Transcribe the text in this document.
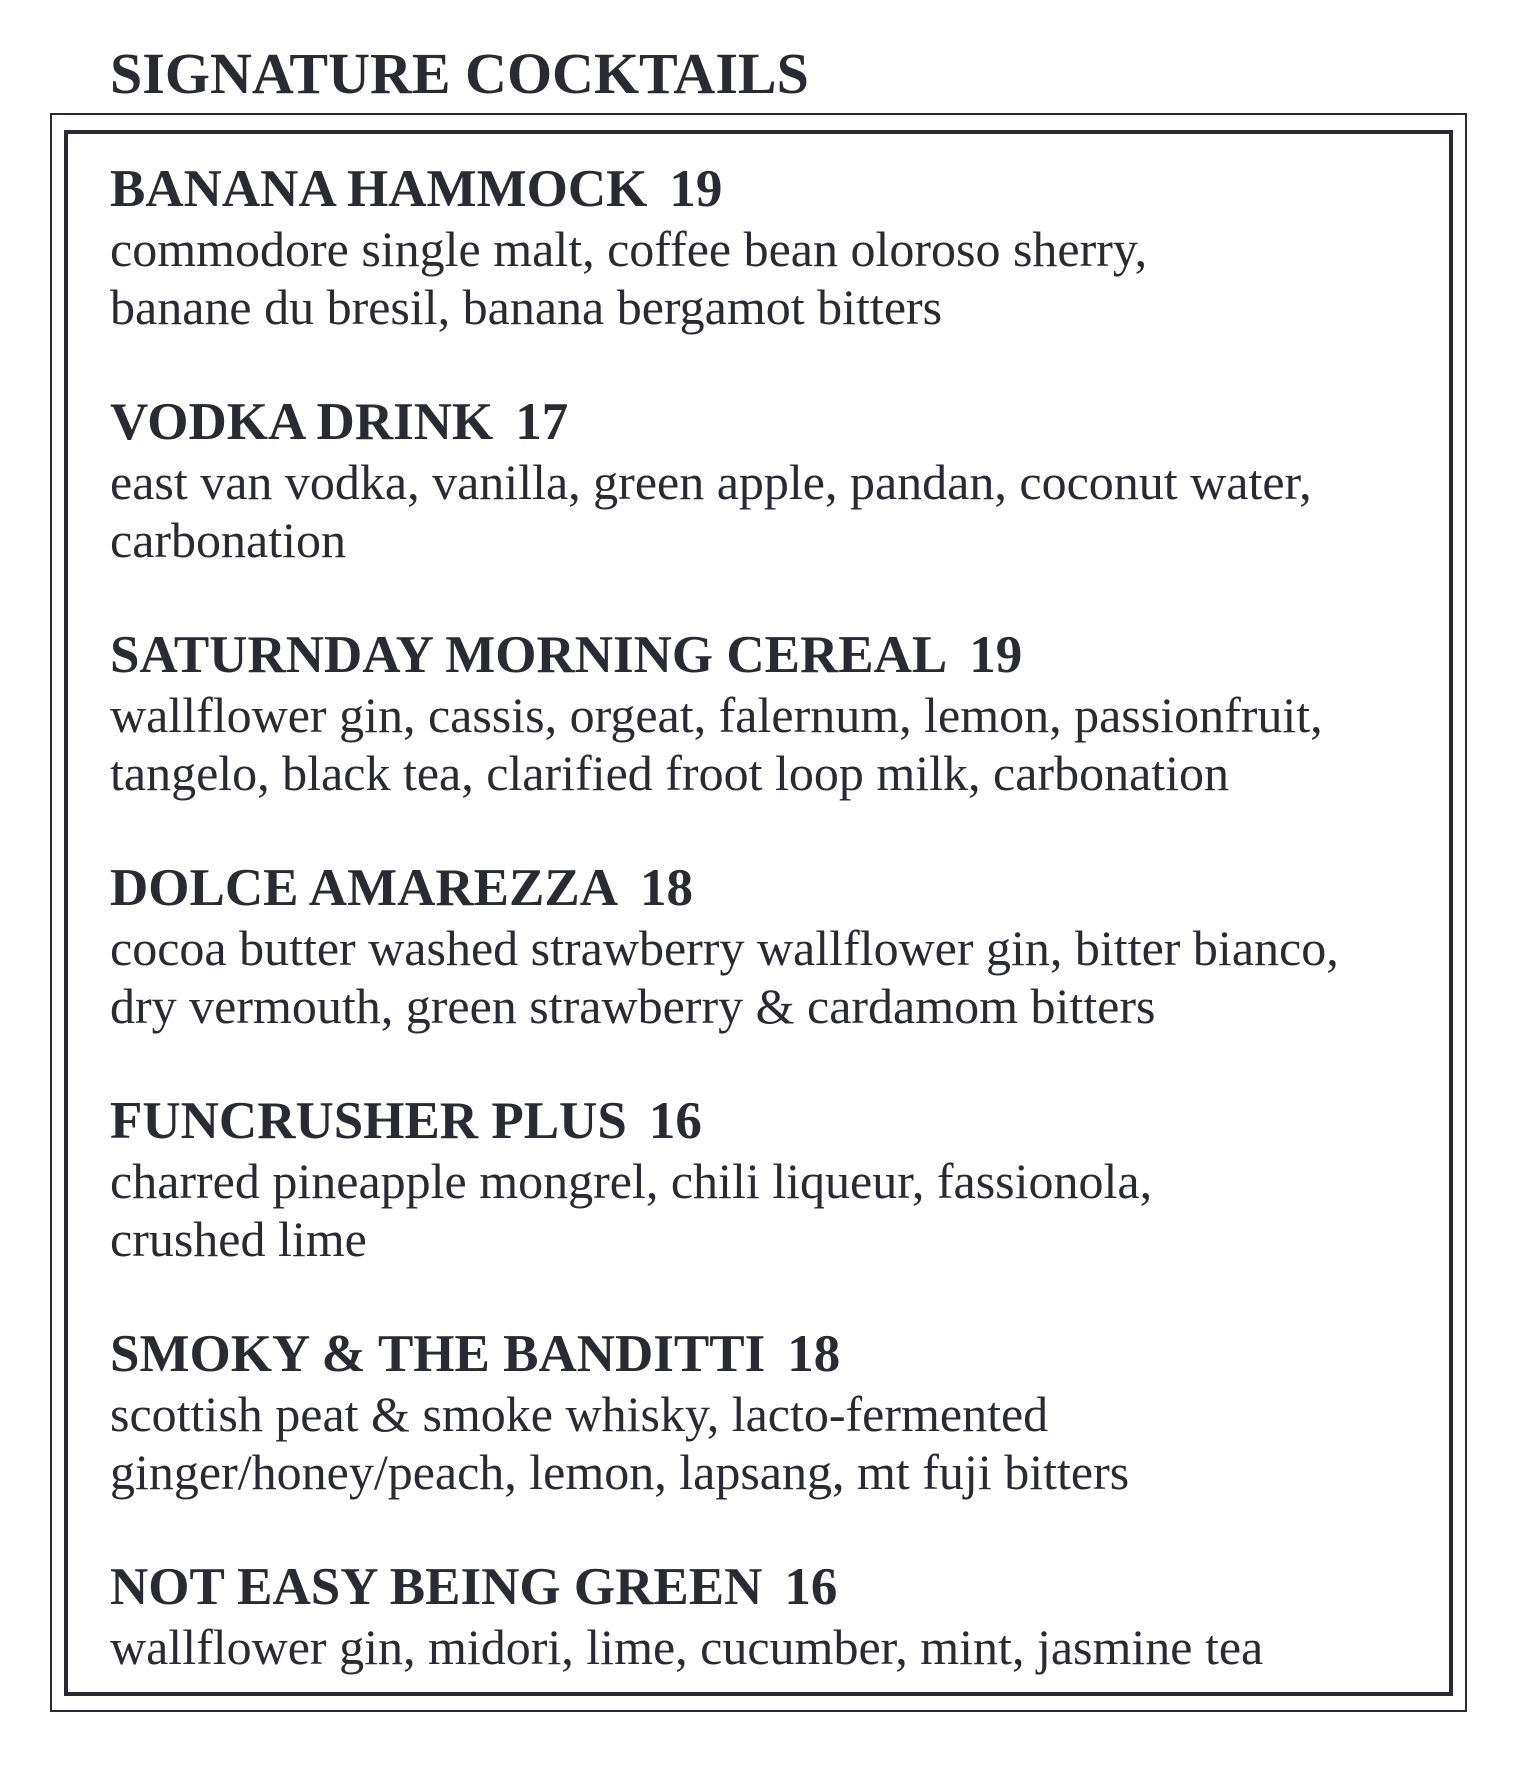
SIGNATURE COCKTAILS

BANANA HAMMOCK 19

commodore single malt, coffee bean oloroso sherry,
banane du bresil, banana bergamot bitters

VODKA DRINK 17

east van vodka, vanilla, green apple, pandan, coconut water,
carbonation

SATURNDAY MORNING CEREAL 19

wallflower gin, cassis, orgeat, falernum, lemon, passionfruit,
tangelo, black tea, clarified froot loop milk, carbonation

DOLCE AMAREZZA 18

cocoa butter washed strawberry wallflower gin, bitter bianco,
dry vermouth, green strawberry & cardamom bitters

FUNCRUSHER PLUS 16

charred pineapple mongrel, chili liqueur, fassionola,
crushed lime

SMOKY & THE BANDITTI 18

scottish peat & smoke whisky, lacto-fermented
ginger/honey/peach, lemon, lapsang, mt fuji bitters

NOT EASY BEING GREEN 16

wallflower gin, midori, lime, cucumber, mint, jasmine tea
